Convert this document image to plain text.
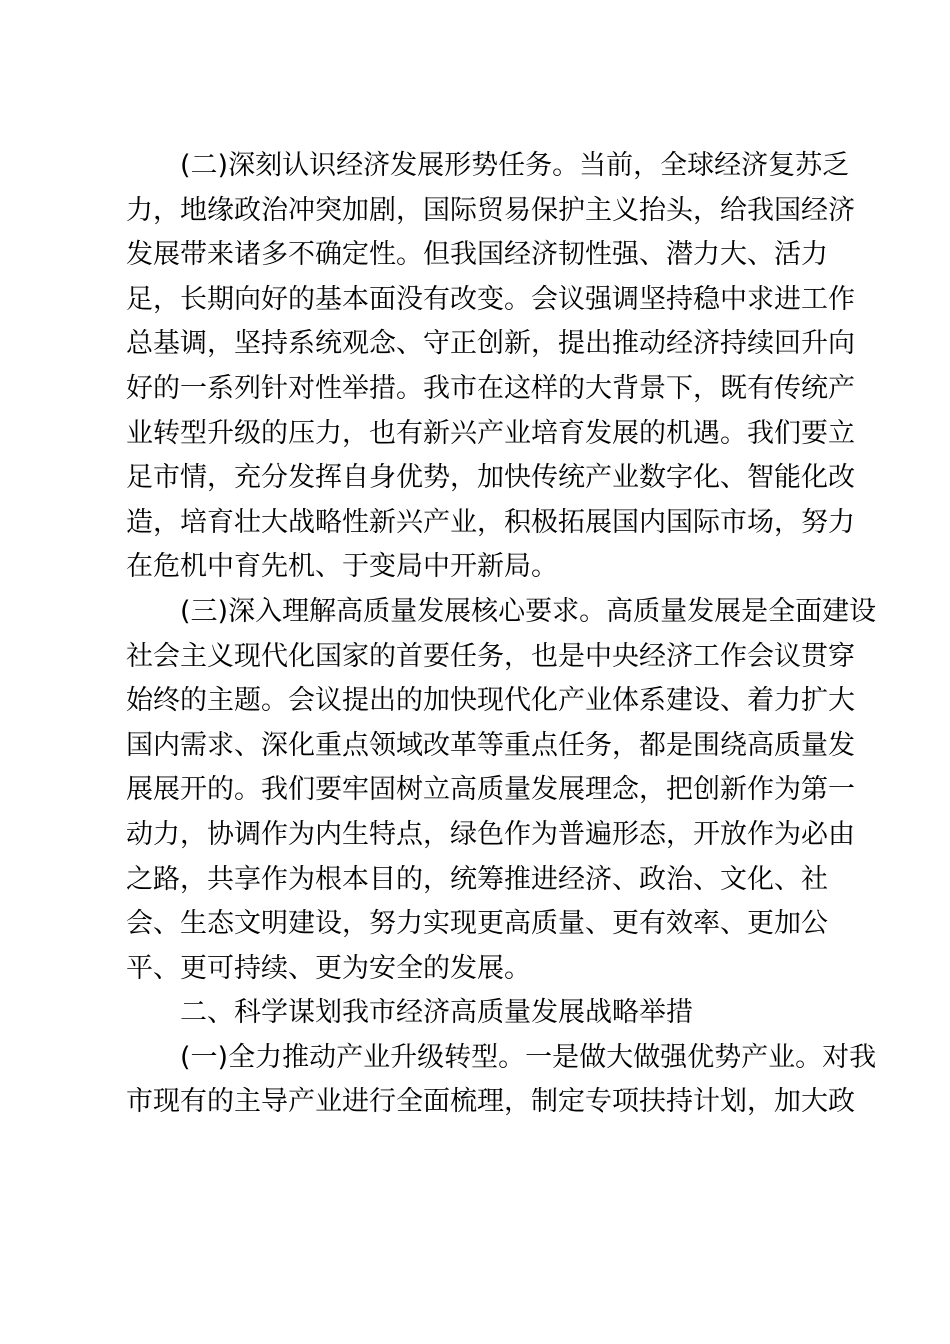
(二)深刻认识经济发展形势任务。当前，全球经济复苏乏
力，地缘政治冲突加剧，国际贸易保护主义抬头，给我国经济
发展带来诸多不确定性。但我国经济韧性强、潜力大、活力
足，长期向好的基本面没有改变。会议强调坚持稳中求进工作
总基调，坚持系统观念、守正创新，提出推动经济持续回升向
好的一系列针对性举措。我市在这样的大背景下，既有传统产
业转型升级的压力，也有新兴产业培育发展的机遇。我们要立
足市情，充分发挥自身优势，加快传统产业数字化、智能化改
造，培育壮大战略性新兴产业，积极拓展国内国际市场，努力
在危机中育先机、于变局中开新局。
(三)深入理解高质量发展核心要求。高质量发展是全面建设
社会主义现代化国家的首要任务，也是中央经济工作会议贯穿
始终的主题。会议提出的加快现代化产业体系建设、着力扩大
国内需求、深化重点领域改革等重点任务，都是围绕高质量发
展展开的。我们要牢固树立高质量发展理念，把创新作为第一
动力，协调作为内生特点，绿色作为普遍形态，开放作为必由
之路，共享作为根本目的，统筹推进经济、政治、文化、社
会、生态文明建设，努力实现更高质量、更有效率、更加公
平、更可持续、更为安全的发展。
二、科学谋划我市经济高质量发展战略举措
(一)全力推动产业升级转型。一是做大做强优势产业。对我
市现有的主导产业进行全面梳理，制定专项扶持计划，加大政
